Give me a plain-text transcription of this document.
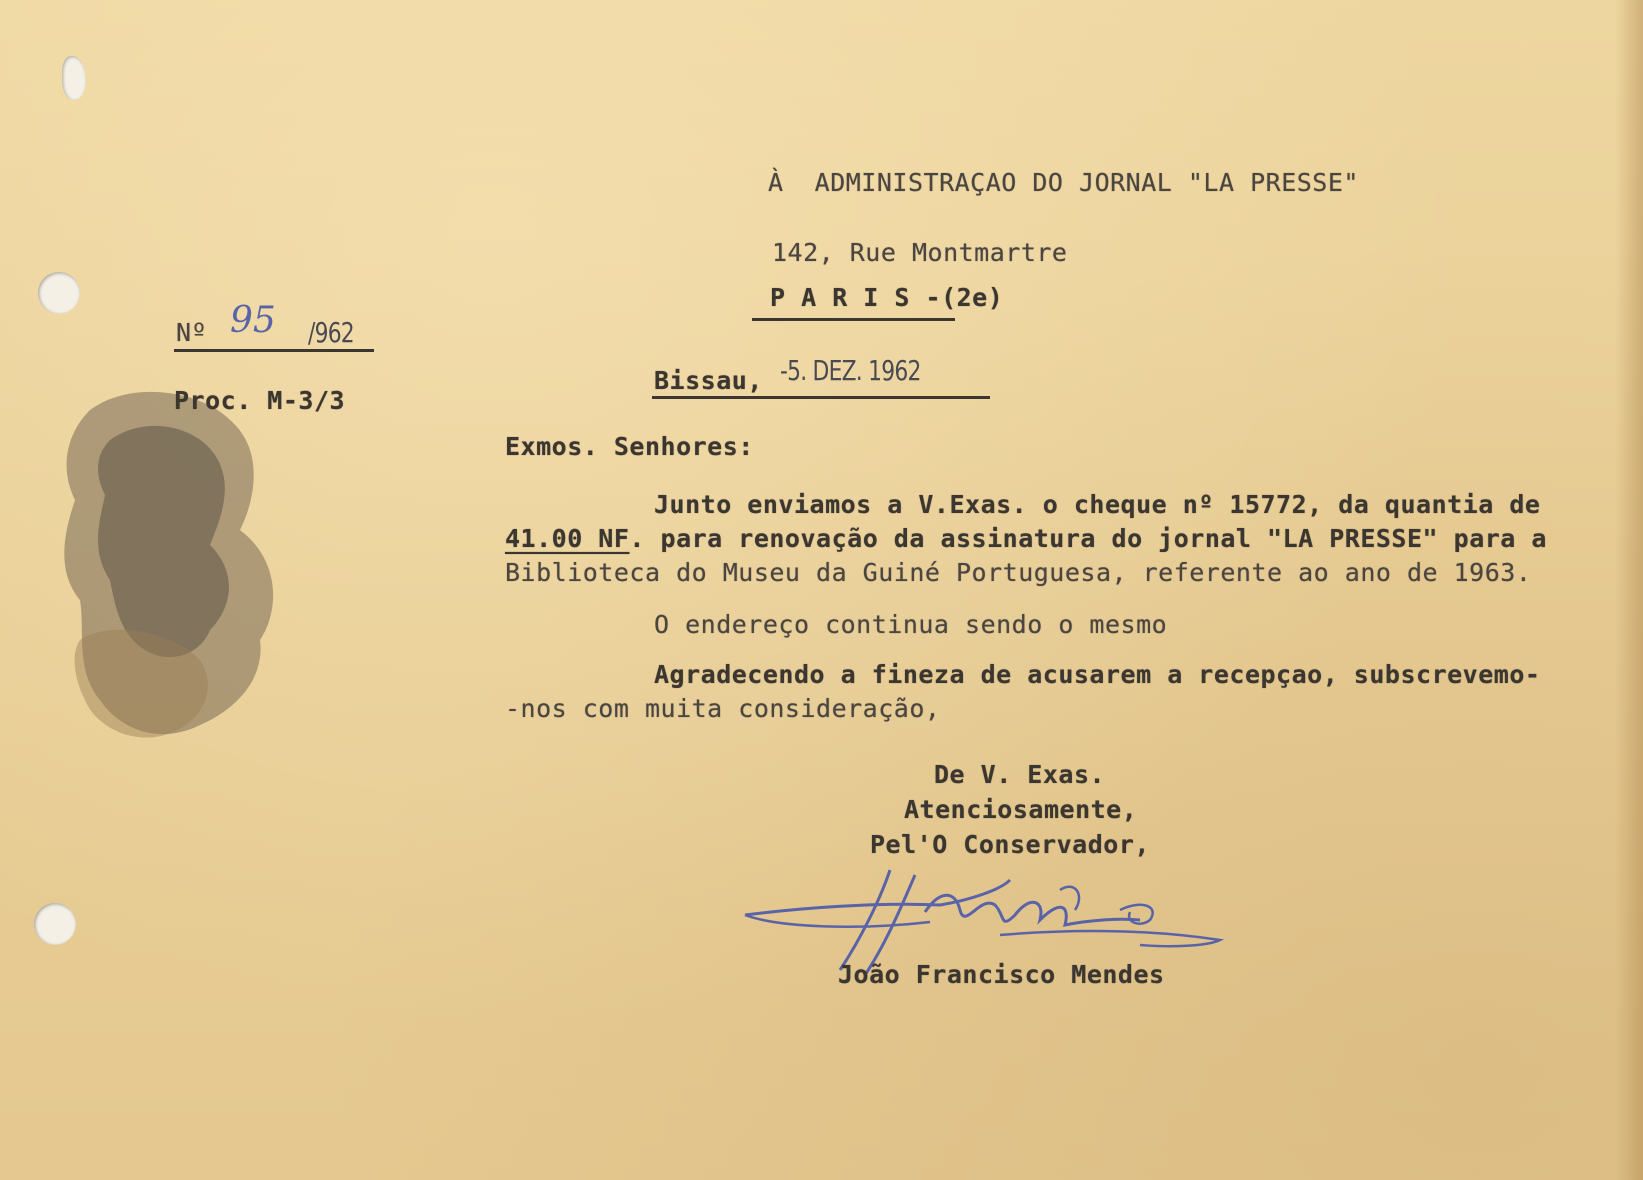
À  ADMINISTRAÇAO DO JORNAL "LA PRESSE"
142, Rue Montmartre
P A R I S -(2e)
Nº 95 /962
Proc. M-3/3
Bissau, -5. DEZ. 1962
Exmos. Senhores:
Junto enviamos a V.Exas. o cheque nº 15772, da quantia de
41.00 NF. para renovação da assinatura do jornal "LA PRESSE" para a
Biblioteca do Museu da Guiné Portuguesa, referente ao ano de 1963.
O endereço continua sendo o mesmo
Agradecendo a fineza de acusarem a recepçao, subscrevemo-
-nos com muita consideração,
De V. Exas.
Atenciosamente,
Pel'O Conservador,
João Francisco Mendes
